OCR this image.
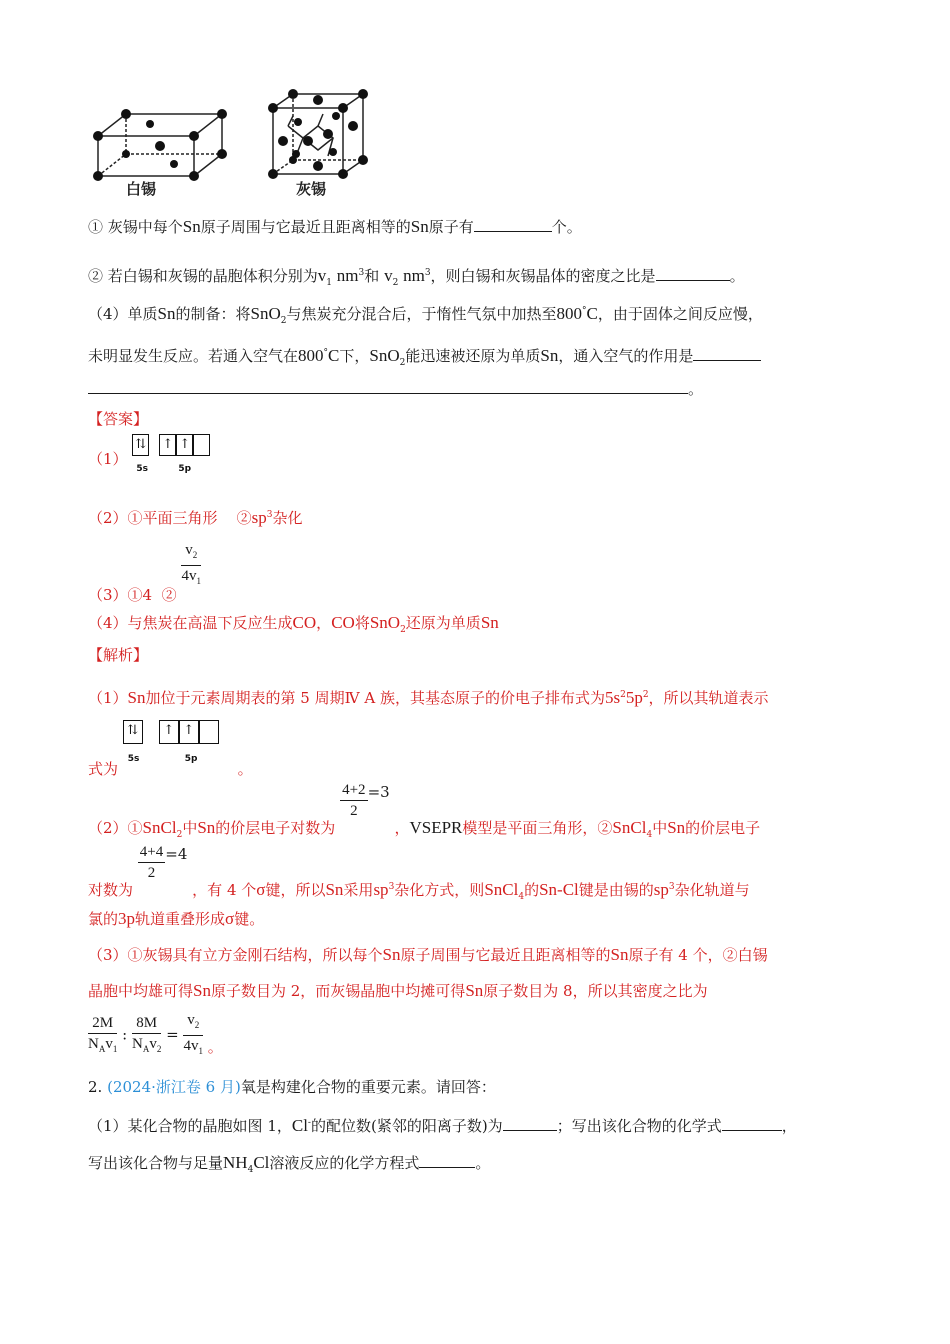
白锡	灰锡
① 灰锡中每个Sn原子周围与它最近且距离相等的Sn原子有	个。
② 若白锡和灰锡的晶胞体积分别为$v_1$ $nm^3$和 $v_2$ $nm^3$，则白锡和灰锡晶体的密度之比是	。
（4）单质Sn的制备：将SnO$_2$与焦炭充分混合后，于惰性气氛中加热至800°C，由于固体之间反应慢，
未明显发生反应。若通入空气在800°C下，SnO$_2$能迅速被还原为单质Sn，通入空气的作用是
。
【答案】
（1）
⇅ ↑ ↑
5s	5p
（2）①平面三角形 $②sp^3$杂化
（3）①4 ②
$\frac{v_2}{4v_1}$
（4）与焦炭在高温下反应生成CO，CO将SnO$_2$还原为单质Sn
【解析】
（1）Sn加位于元素周期表的第 5 周期Ⅳ A 族，其基态原子的价电子排布式为$5s^25p^2$，所以其轨道表示
式为
⇅	↑ ↑
5s	5p
。
（2）①SnCl$_2$中Sn的价层电子对数为
$\frac{4+2}{2} =3$ ，VSEPR模型是平面三角形，②SnCl$_4$中Sn的价层电子
对数为
$\frac{4+4}{2} =4$ ，有 4 个σ键，所以Sn采用$sp^3$杂化方式，则SnCl$_4$的Sn-Cl键是由锡的$sp^3$杂化轨道与
氯的3p轨道重叠形成σ键。
（3）①灰锡具有立方金刚石结构，所以每个Sn原子周围与它最近且距离相等的Sn原子有 4 个，②白锡
晶胞中均雄可得Sn原子数目为 2，而灰锡晶胞中均摊可得Sn原子数目为 8，所以其密度之比为
$\frac{2M}{N_Av_1}$ : $\frac{8M}{N_Av_2} = \frac{v_2}{4v_1}$ 。
2. (2024·浙江卷 6 月)氧是构建化合物的重要元素。请回答：
（1）某化合物的晶胞如图 1，Cl-的配位数(紧邻的阳离子数)为	；写出该化合物的化学式	，
写出该化合物与足量$NH_4Cl$溶液反应的化学方程式	。
